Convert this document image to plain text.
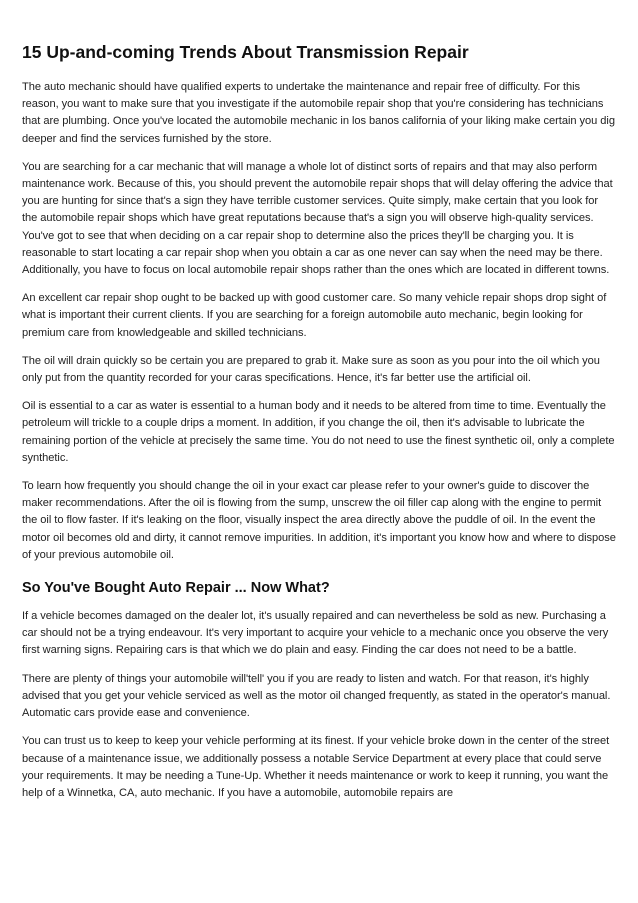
15 Up-and-coming Trends About Transmission Repair

The auto mechanic should have qualified experts to undertake the maintenance and repair free of difficulty. For this reason, you want to make sure that you investigate if the automobile repair shop that you're considering has technicians that are plumbing. Once you've located the automobile mechanic in los banos california of your liking make certain you dig deeper and find the services furnished by the store.

You are searching for a car mechanic that will manage a whole lot of distinct sorts of repairs and that may also perform maintenance work. Because of this, you should prevent the automobile repair shops that will delay offering the advice that you are hunting for since that's a sign they have terrible customer services. Quite simply, make certain that you look for the automobile repair shops which have great reputations because that's a sign you will observe high-quality services. You've got to see that when deciding on a car repair shop to determine also the prices they'll be charging you. It is reasonable to start locating a car repair shop when you obtain a car as one never can say when the need may be there. Additionally, you have to focus on local automobile repair shops rather than the ones which are located in different towns.

An excellent car repair shop ought to be backed up with good customer care. So many vehicle repair shops drop sight of what is important their current clients. If you are searching for a foreign automobile auto mechanic, begin looking for premium care from knowledgeable and skilled technicians.

The oil will drain quickly so be certain you are prepared to grab it. Make sure as soon as you pour into the oil which you only put from the quantity recorded for your caras specifications. Hence, it's far better use the artificial oil.

Oil is essential to a car as water is essential to a human body and it needs to be altered from time to time. Eventually the petroleum will trickle to a couple drips a moment. In addition, if you change the oil, then it's advisable to lubricate the remaining portion of the vehicle at precisely the same time. You do not need to use the finest synthetic oil, only a complete synthetic.

To learn how frequently you should change the oil in your exact car please refer to your owner's guide to discover the maker recommendations. After the oil is flowing from the sump, unscrew the oil filler cap along with the engine to permit the oil to flow faster. If it's leaking on the floor, visually inspect the area directly above the puddle of oil. In the event the motor oil becomes old and dirty, it cannot remove impurities. In addition, it's important you know how and where to dispose of your previous automobile oil.

So You've Bought Auto Repair ... Now What?

If a vehicle becomes damaged on the dealer lot, it's usually repaired and can nevertheless be sold as new. Purchasing a car should not be a trying endeavour. It's very important to acquire your vehicle to a mechanic once you observe the very first warning signs. Repairing cars is that which we do plain and easy. Finding the car does not need to be a battle.

There are plenty of things your automobile will'tell' you if you are ready to listen and watch. For that reason, it's highly advised that you get your vehicle serviced as well as the motor oil changed frequently, as stated in the operator's manual. Automatic cars provide ease and convenience.

You can trust us to keep to keep your vehicle performing at its finest. If your vehicle broke down in the center of the street because of a maintenance issue, we additionally possess a notable Service Department at every place that could serve your requirements. It may be needing a Tune-Up. Whether it needs maintenance or work to keep it running, you want the help of a Winnetka, CA, auto mechanic. If you have a automobile, automobile repairs are
